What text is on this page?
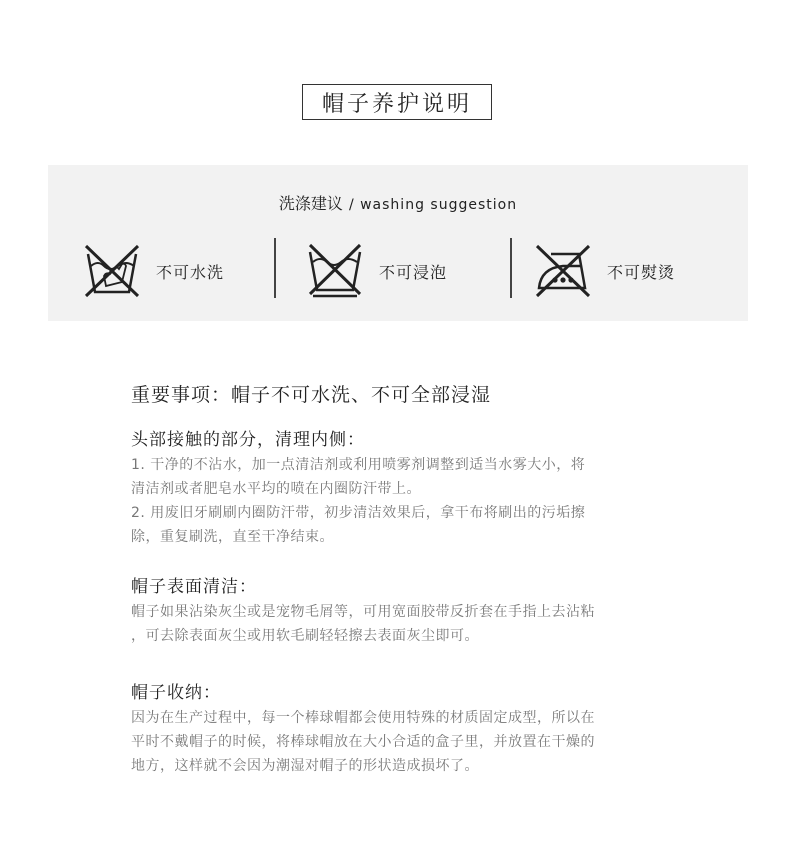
帽子养护说明
洗涤建议 / washing suggestion
不可水洗	不可浸泡	不可熨烫
重要事项：帽子不可水洗、不可全部浸湿
头部接触的部分，清理内侧：
1. 干净的不沾水，加一点清洁剂或利用喷雾剂调整到适当水雾大小，将
清洁剂或者肥皂水平均的喷在内圈防汗带上。
2. 用废旧牙刷刷内圈防汗带，初步清洁效果后，拿干布将刷出的污垢擦
除，重复刷洗，直至干净结束。
帽子表面清洁：
帽子如果沾染灰尘或是宠物毛屑等，可用宽面胶带反折套在手指上去沾粘
，可去除表面灰尘或用软毛刷轻轻擦去表面灰尘即可。
帽子收纳：
因为在生产过程中，每一个棒球帽都会使用特殊的材质固定成型，所以在
平时不戴帽子的时候，将棒球帽放在大小合适的盒子里，并放置在干燥的
地方，这样就不会因为潮湿对帽子的形状造成损坏了。
